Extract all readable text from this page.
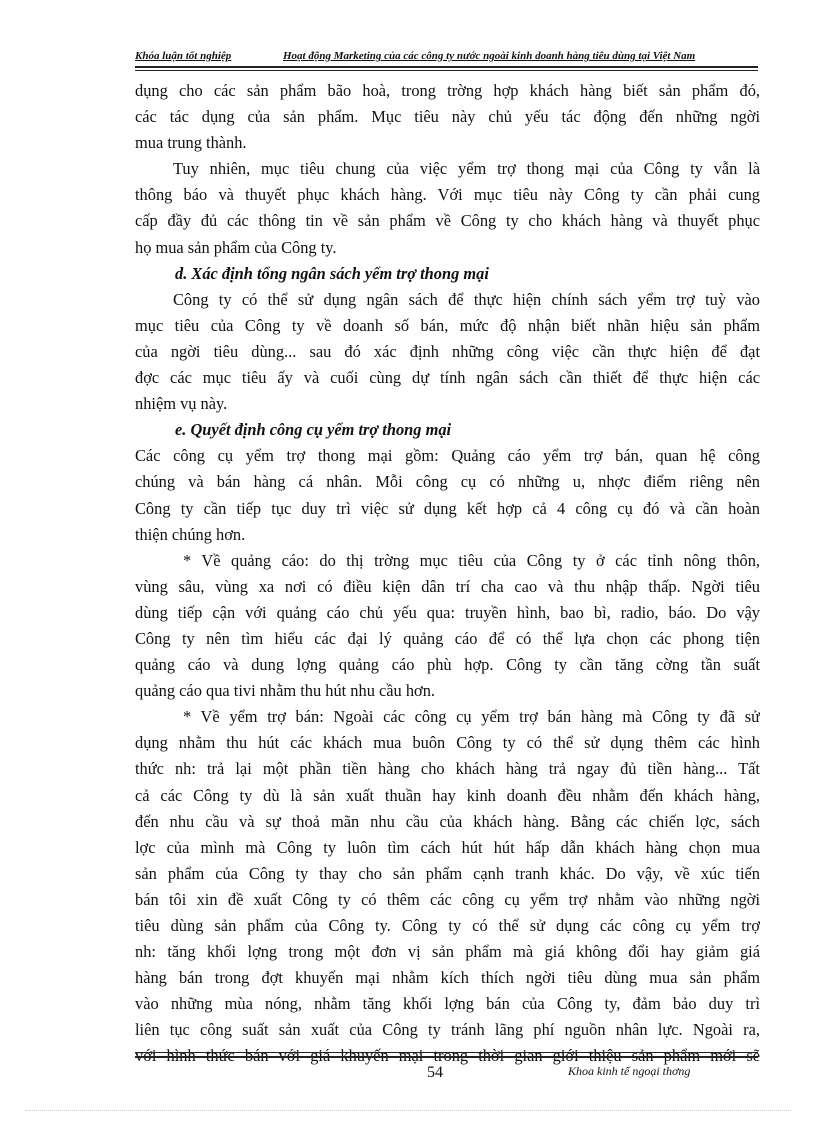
Khóa luận tốt nghiệp	Hoạt động Marketing của các công ty nước ngoài kinh doanh hàng tiêu dùng tại Việt Nam
dụng cho các sản phẩm bão hoà, trong trờng hợp khách hàng biết sản phẩm đó,
các tác dụng của sản phẩm. Mục tiêu này chủ yếu tác động đến những ngời
mua trung thành.
Tuy nhiên, mục tiêu chung của việc yểm trợ thong mại của Công ty vẫn là
thông báo và thuyết phục khách hàng. Với mục tiêu này Công ty cần phải cung
cấp đầy đủ các thông tin về sản phẩm về Công ty cho khách hàng và thuyết phục
họ mua sản phẩm của Công ty.
d. Xác định tổng ngân sách yểm trợ thong mại
Công ty có thể sử dụng ngân sách để thực hiện chính sách yểm trợ tuỳ vào
mục tiêu của Công ty về doanh số bán, mức độ nhận biết nhãn hiệu sản phẩm
của ngời tiêu dùng... sau đó xác định những công việc cần thực hiện để đạt
đợc các mục tiêu ấy và cuối cùng dự tính ngân sách cần thiết để thực hiện các
nhiệm vụ này.
e. Quyết định công cụ yểm trợ thong mại
Các công cụ yểm trợ thong mại gồm: Quảng cáo yểm trợ bán, quan hệ công
chúng và bán hàng cá nhân. Mỗi công cụ có những u, nhợc điểm riêng nên
Công ty cần tiếp tục duy trì việc sử dụng kết hợp cả 4 công cụ đó và cần hoàn
thiện chúng hơn.
* Về quảng cáo: do thị trờng mục tiêu của Công ty ở các tỉnh nông thôn,
vùng sâu, vùng xa nơi có điều kiện dân trí cha cao và thu nhập thấp. Ngời tiêu
dùng tiếp cận với quảng cáo chủ yếu qua: truyền hình, bao bì, radio, báo. Do vậy
Công ty nên tìm hiểu các đại lý quảng cáo để có thể lựa chọn các phong tiện
quảng cáo và dung lợng quảng cáo phù hợp. Công ty cần tăng cờng tần suất
quảng cáo qua tivi nhằm thu hút nhu cầu hơn.
* Về yểm trợ bán: Ngoài các công cụ yểm trợ bán hàng mà Công ty đã sử
dụng nhằm thu hút các khách mua buôn Công ty có thể sử dụng thêm các hình
thức nh: trả lại một phần tiền hàng cho khách hàng trả ngay đủ tiền hàng... Tất
cả các Công ty dù là sản xuất thuần hay kinh doanh đều nhằm đến khách hàng,
đến nhu cầu và sự thoả mãn nhu cầu của khách hàng. Bằng các chiến lợc, sách
lợc của mình mà Công ty luôn tìm cách hút hút hấp dẫn khách hàng chọn mua
sản phẩm của Công ty thay cho sản phẩm cạnh tranh khác. Do vậy, về xúc tiến
bán tôi xin đề xuất Công ty có thêm các công cụ yểm trợ nhằm vào những ngời
tiêu dùng sản phẩm của Công ty. Công ty có thể sử dụng các công cụ yểm trợ
nh: tăng khối lợng trong một đơn vị sản phẩm mà giá không đổi hay giảm giá
hàng bán trong đợt khuyến mại nhằm kích thích ngời tiêu dùng mua sản phẩm
vào những mùa nóng, nhằm tăng khối lợng bán của Công ty, đảm bảo duy trì
liên tục công suất sản xuất của Công ty tránh lãng phí nguồn nhân lực. Ngoài ra,
với hình thức bán với giá khuyến mại trong thời gian giới thiệu sản phẩm mới sẽ
54	Khoa kinh tế ngoại thơng
